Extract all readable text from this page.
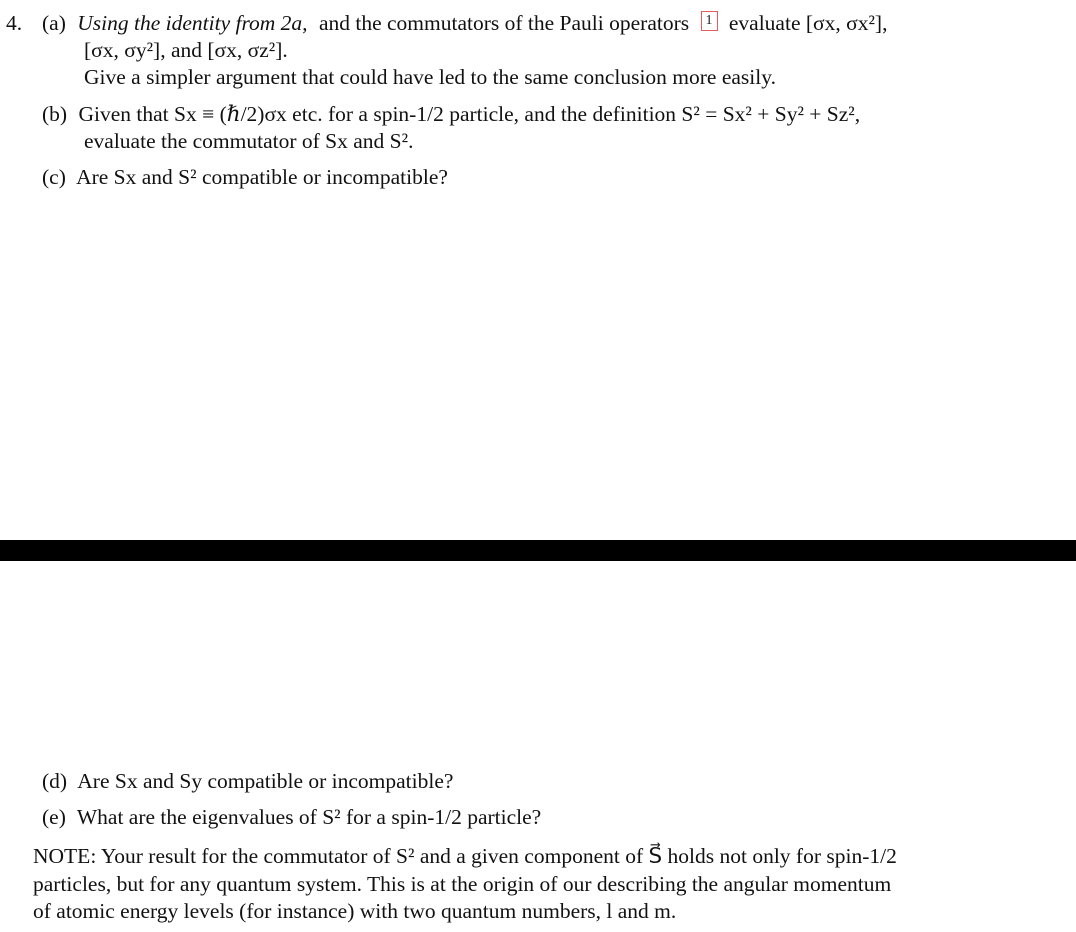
4. (a) Using the identity from 2a, and the commutators of the Pauli operators 1 evaluate [σx, σx²],
[σx, σy²], and [σx, σz²].
Give a simpler argument that could have led to the same conclusion more easily.
(b) Given that Sx ≡ (ℏ/2)σx etc. for a spin-1/2 particle, and the definition S² = Sx² + Sy² + Sz²,
evaluate the commutator of Sx and S².
(c) Are Sx and S² compatible or incompatible?
(d) Are Sx and Sy compatible or incompatible?
(e) What are the eigenvalues of S² for a spin-1/2 particle?
NOTE: Your result for the commutator of S² and a given component of S⃗ holds not only for spin-1/2
particles, but for any quantum system. This is at the origin of our describing the angular momentum
of atomic energy levels (for instance) with two quantum numbers, l and m.
